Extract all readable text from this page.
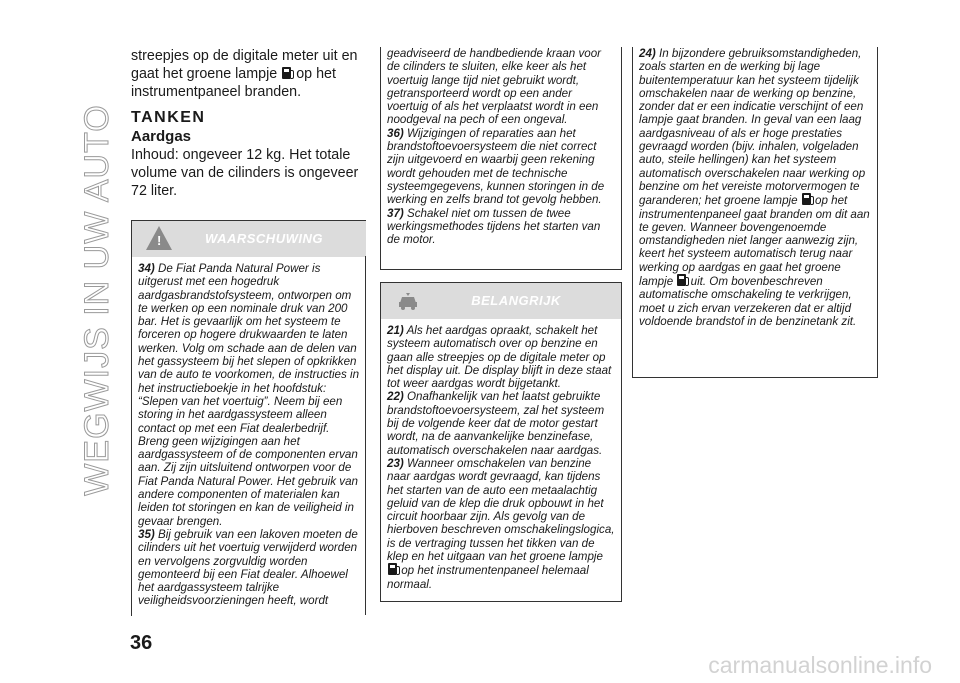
WEGWIJS IN UW AUTO

streepjes op de digitale meter uit en
gaat het groene lampje op het
instrumentpaneel branden.

TANKEN
Aardgas

Inhoud: ongeveer 12 kg. Het totale volume van de cilinders is ongeveer 72 liter.

!	WAARSCHUWING

34) De Fiat Panda Natural Power is uitgerust met een hogedruk aardgasbrandstofsysteem, ontworpen om te werken op een nominale druk van 200 bar. Het is gevaarlijk om het systeem te forceren op hogere drukwaarden te laten werken. Volg om schade aan de delen van het gassysteem bij het slepen of opkrikken van de auto te voorkomen, de instructies in het instructieboekje in het hoofdstuk: “Slepen van het voertuig”. Neem bij een storing in het aardgassysteem alleen contact op met een Fiat dealerbedrijf. Breng geen wijzigingen aan het aardgassysteem of de componenten ervan aan. Zij zijn uitsluitend ontworpen voor de Fiat Panda Natural Power. Het gebruik van andere componenten of materialen kan leiden tot storingen en kan de veiligheid in gevaar brengen.

35) Bij gebruik van een lakoven moeten de cilinders uit het voertuig verwijderd worden en vervolgens zorgvuldig worden gemonteerd bij een Fiat dealer. Alhoewel het aardgassysteem talrijke veiligheidsvoorzieningen heeft, wordt

geadviseerd de handbediende kraan voor de cilinders te sluiten, elke keer als het voertuig lange tijd niet gebruikt wordt, getransporteerd wordt op een ander voertuig of als het verplaatst wordt in een noodgeval na pech of een ongeval.

36) Wijzigingen of reparaties aan het brandstoftoevoersysteem die niet correct zijn uitgevoerd en waarbij geen rekening wordt gehouden met de technische systeemgegevens, kunnen storingen in de werking en zelfs brand tot gevolg hebben.

37) Schakel niet om tussen de twee werkingsmethodes tijdens het starten van de motor.

BELANGRIJK

21) Als het aardgas opraakt, schakelt het systeem automatisch over op benzine en gaan alle streepjes op de digitale meter op het display uit. De display blijft in deze staat tot weer aardgas wordt bijgetankt.

22) Onafhankelijk van het laatst gebruikte brandstoftoevoersysteem, zal het systeem bij de volgende keer dat de motor gestart wordt, na de aanvankelijke benzinefase, automatisch overschakelen naar aardgas.

23) Wanneer omschakelen van benzine naar aardgas wordt gevraagd, kan tijdens het starten van de auto een metaalachtig geluid van de klep die druk opbouwt in het circuit hoorbaar zijn. Als gevolg van de hierboven beschreven omschakelingslogica, is de vertraging tussen het tikken van de klep en het uitgaan van het groene lampje  op het instrumentenpaneel helemaal normaal.

24) In bijzondere gebruiksomstandigheden, zoals starten en de werking bij lage buitentemperatuur kan het systeem tijdelijk omschakelen naar de werking op benzine, zonder dat er een indicatie verschijnt of een lampje gaat branden. In geval van een laag aardgasniveau of als er hoge prestaties gevraagd worden (bijv. inhalen, volgeladen auto, steile hellingen) kan het systeem automatisch overschakelen naar werking op benzine om het vereiste motorvermogen te garanderen; het groene lampje op het instrumentenpaneel gaat branden om dit aan te geven. Wanneer bovengenoemde omstandigheden niet langer aanwezig zijn, keert het systeem automatisch terug naar werking op aardgas en gaat het groene lampje uit. Om bovenbeschreven automatische omschakeling te verkrijgen, moet u zich ervan verzekeren dat er altijd voldoende brandstof in de benzinetank zit.

36
carmanualsonline.info
